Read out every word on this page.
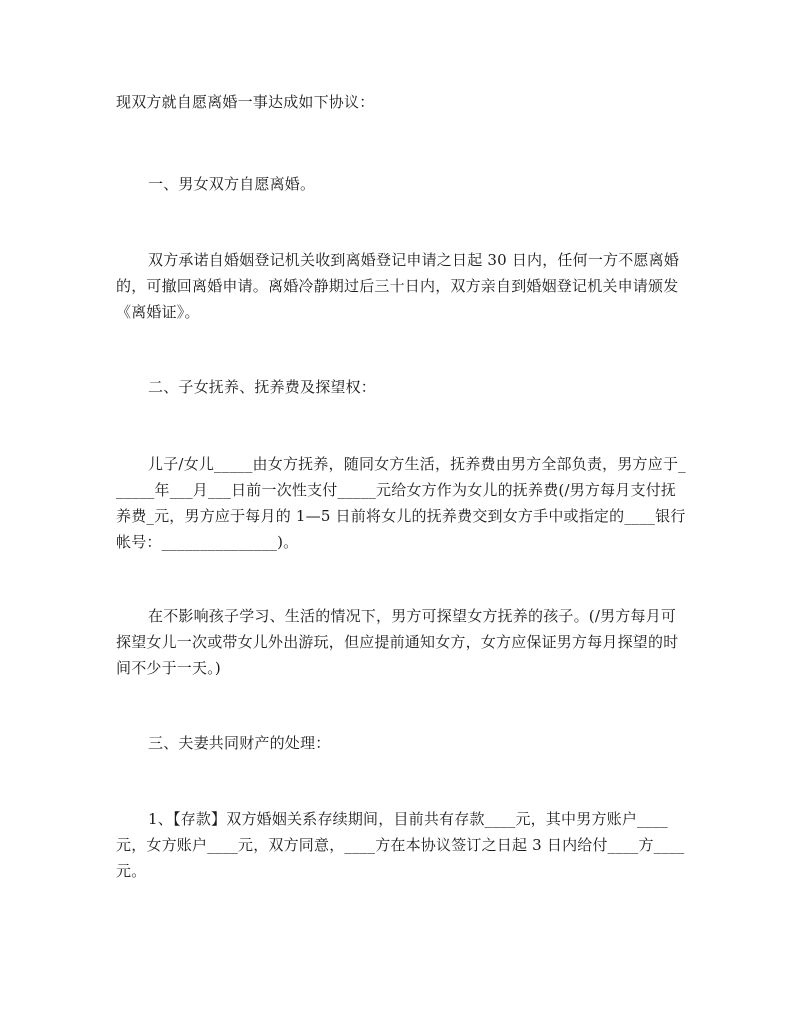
现双方就自愿离婚一事达成如下协议：

一、男女双方自愿离婚。

双方承诺自婚姻登记机关收到离婚登记申请之日起 30 日内，任何一方不愿离婚的，可撤回离婚申请。离婚冷静期过后三十日内，双方亲自到婚姻登记机关申请颁发《离婚证》。

二、子女抚养、抚养费及探望权：

儿子/女儿_____由女方抚养，随同女方生活，抚养费由男方全部负责，男方应于______年___月___日前一次性支付_____元给女方作为女儿的抚养费(/男方每月支付抚养费_元，男方应于每月的 1—5 日前将女儿的抚养费交到女方手中或指定的____银行帐号：_______________)。

在不影响孩子学习、生活的情况下，男方可探望女方抚养的孩子。(/男方每月可探望女儿一次或带女儿外出游玩，但应提前通知女方，女方应保证男方每月探望的时间不少于一天。)

三、夫妻共同财产的处理：

1、【存款】双方婚姻关系存续期间，目前共有存款____元，其中男方账户____元，女方账户____元，双方同意，____方在本协议签订之日起 3 日内给付____方____元。
